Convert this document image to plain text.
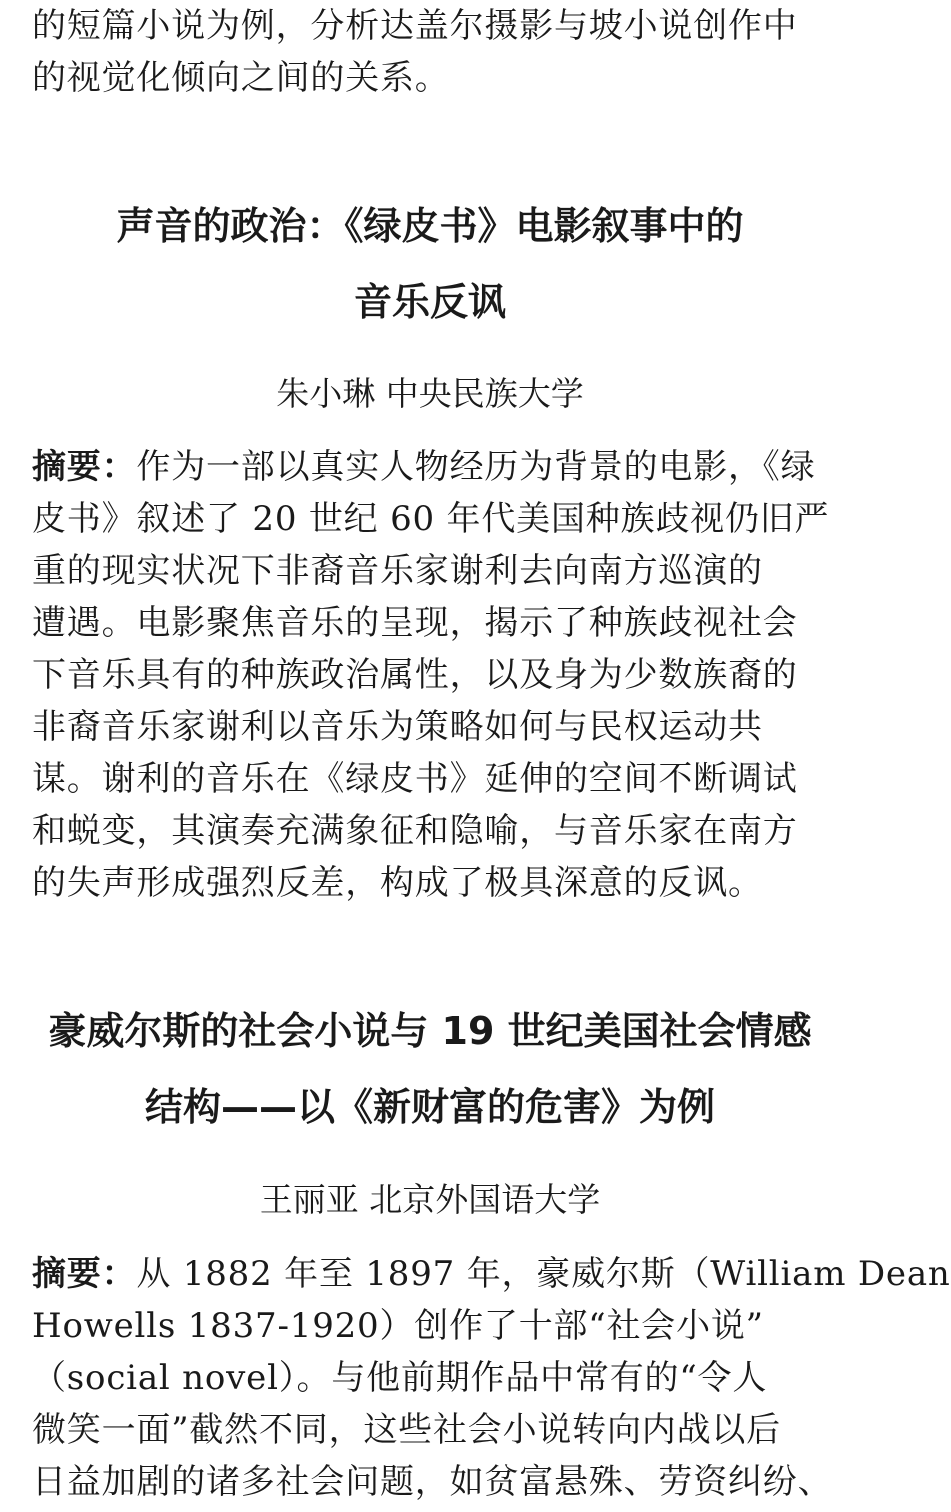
的短篇小说为例，分析达盖尔摄影与坡小说创作中
的视觉化倾向之间的关系。
声音的政治：《绿皮书》电影叙事中的
音乐反讽

朱小琳 中央民族大学

摘要：作为一部以真实人物经历为背景的电影，《绿
皮书》叙述了 20 世纪 60 年代美国种族歧视仍旧严
重的现实状况下非裔音乐家谢利去向南方巡演的
遭遇。电影聚焦音乐的呈现，揭示了种族歧视社会
下音乐具有的种族政治属性，以及身为少数族裔的
非裔音乐家谢利以音乐为策略如何与民权运动共
谋。谢利的音乐在《绿皮书》延伸的空间不断调试
和蜕变，其演奏充满象征和隐喻，与音乐家在南方
的失声形成强烈反差，构成了极具深意的反讽。
豪威尔斯的社会小说与 19 世纪美国社会情感
结构——以《新财富的危害》为例

王丽亚 北京外国语大学

摘要：从 1882 年至 1897 年，豪威尔斯（William Dean
Howells 1837-1920）创作了十部“社会小说”
（social novel）。与他前期作品中常有的“令人
微笑一面”截然不同，这些社会小说转向内战以后
日益加剧的诸多社会问题，如贫富悬殊、劳资纠纷、
